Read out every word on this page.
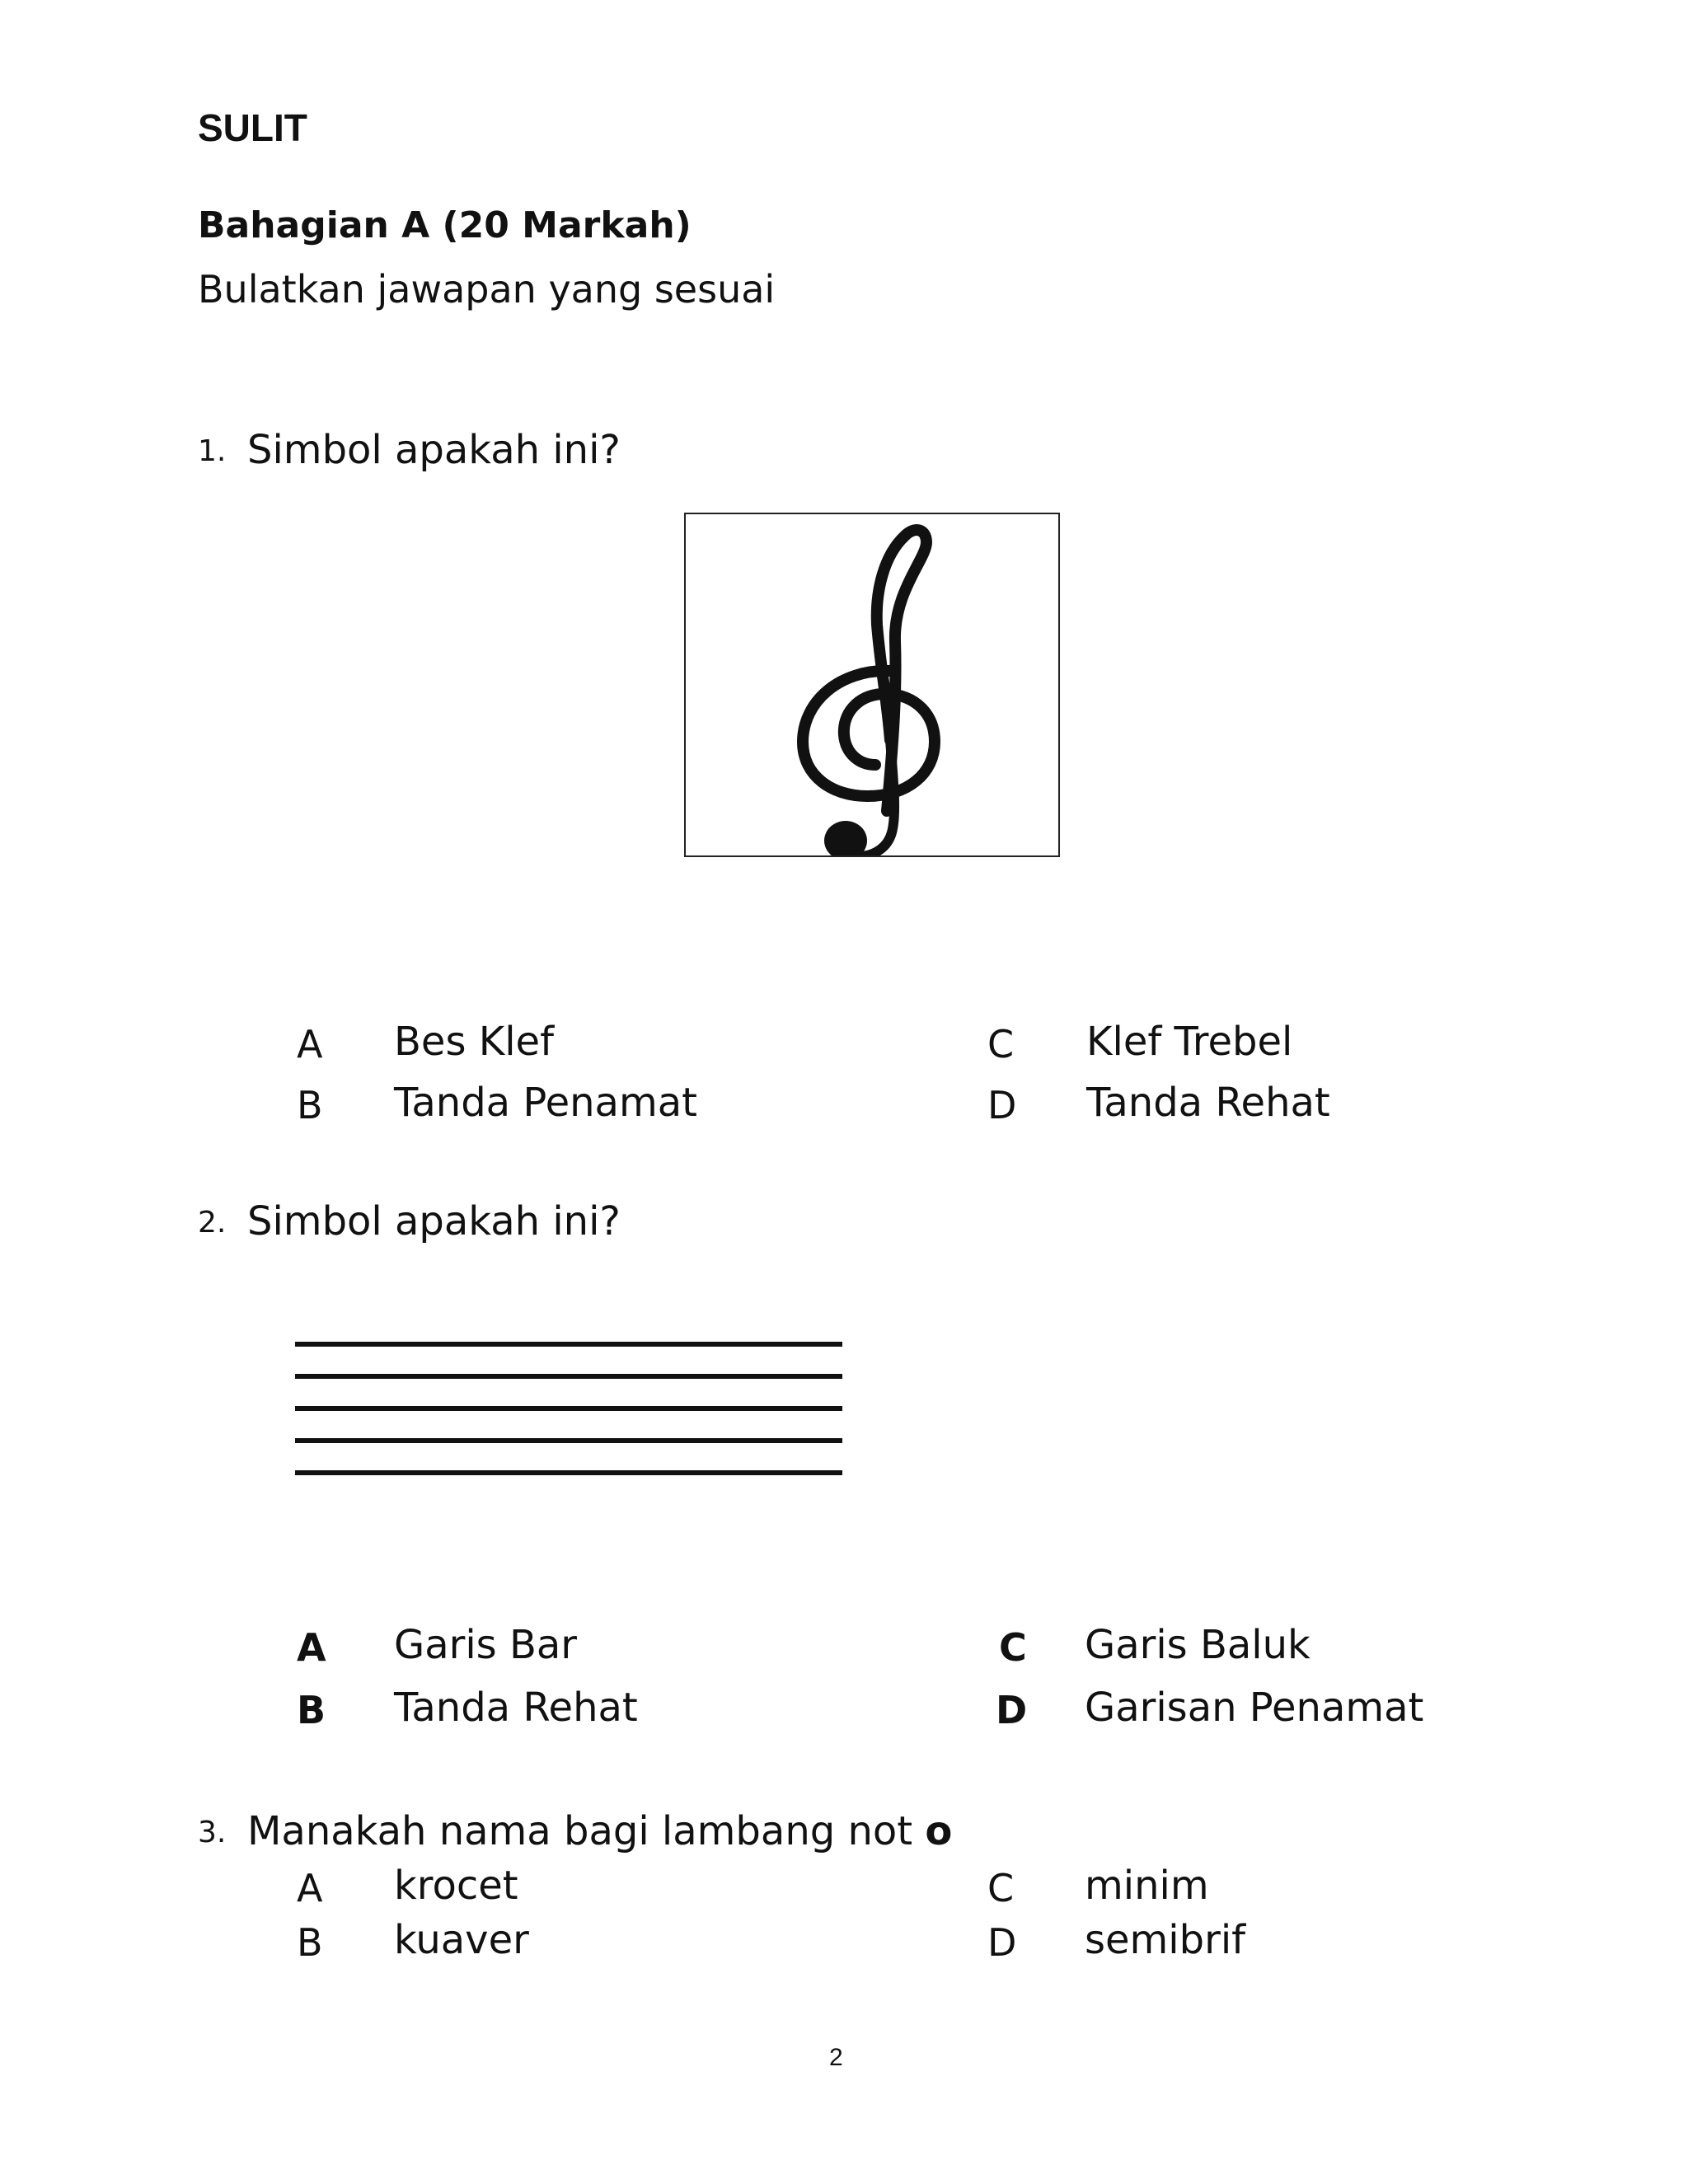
SULIT
Bahagian A (20 Markah)
Bulatkan jawapan yang sesuai
1. Simbol apakah ini?
A Bes Klef
B Tanda Penamat
C Klef Trebel
D Tanda Rehat
2. Simbol apakah ini?
A Garis Bar
B Tanda Rehat
C Garis Baluk
D Garisan Penamat
3. Manakah nama bagi lambang not o
A krocet
B kuaver
C minim
D semibrif
2
